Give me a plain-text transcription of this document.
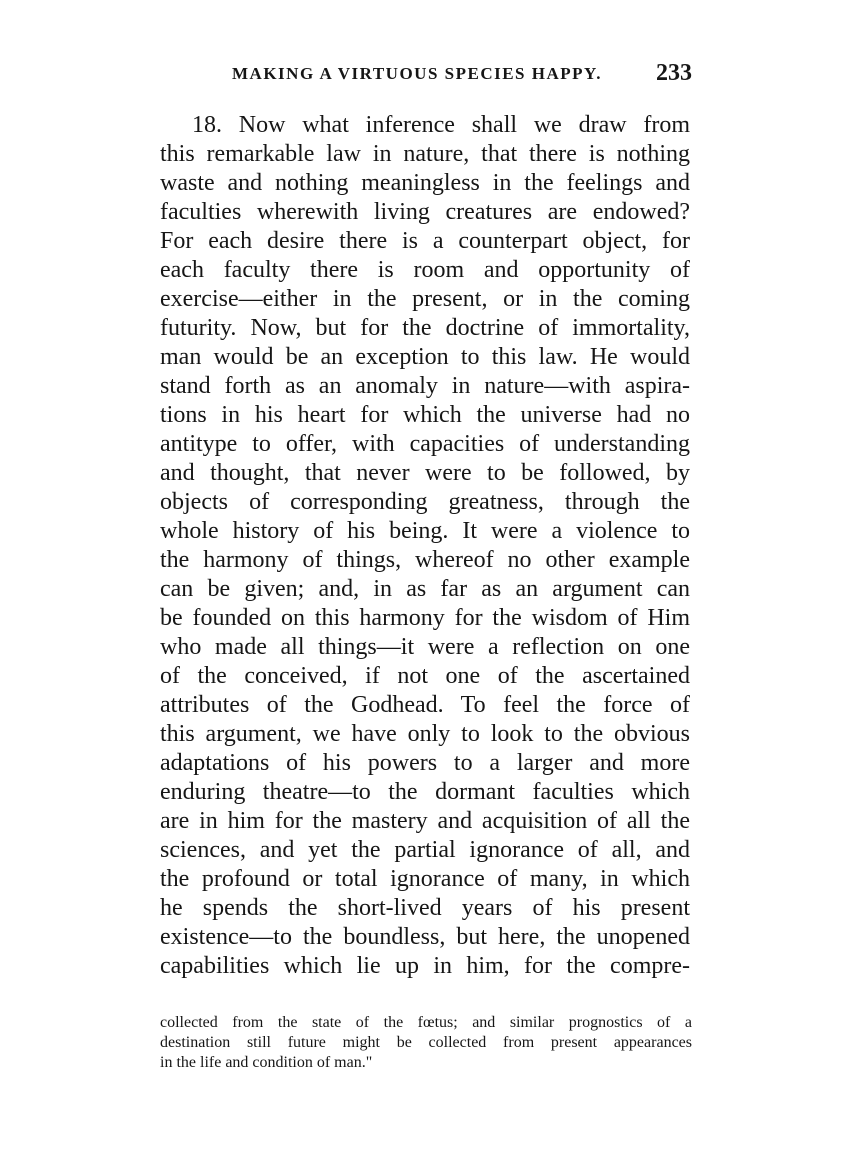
MAKING A VIRTUOUS SPECIES HAPPY. 233
18. Now what inference shall we draw from
this remarkable law in nature, that there is nothing
waste and nothing meaningless in the feelings and
faculties wherewith living creatures are endowed?
For each desire there is a counterpart object, for
each faculty there is room and opportunity of
exercise—either in the present, or in the coming
futurity. Now, but for the doctrine of immortality,
man would be an exception to this law. He would
stand forth as an anomaly in nature—with aspira-
tions in his heart for which the universe had no
antitype to offer, with capacities of understanding
and thought, that never were to be followed, by
objects of corresponding greatness, through the
whole history of his being. It were a violence to
the harmony of things, whereof no other example
can be given; and, in as far as an argument can
be founded on this harmony for the wisdom of Him
who made all things—it were a reflection on one
of the conceived, if not one of the ascertained
attributes of the Godhead. To feel the force of
this argument, we have only to look to the obvious
adaptations of his powers to a larger and more
enduring theatre—to the dormant faculties which
are in him for the mastery and acquisition of all the
sciences, and yet the partial ignorance of all, and
the profound or total ignorance of many, in which
he spends the short-lived years of his present
existence—to the boundless, but here, the unopened
capabilities which lie up in him, for the compre-
collected from the state of the fœtus; and similar prognostics of a
destination still future might be collected from present appearances
in the life and condition of man."
